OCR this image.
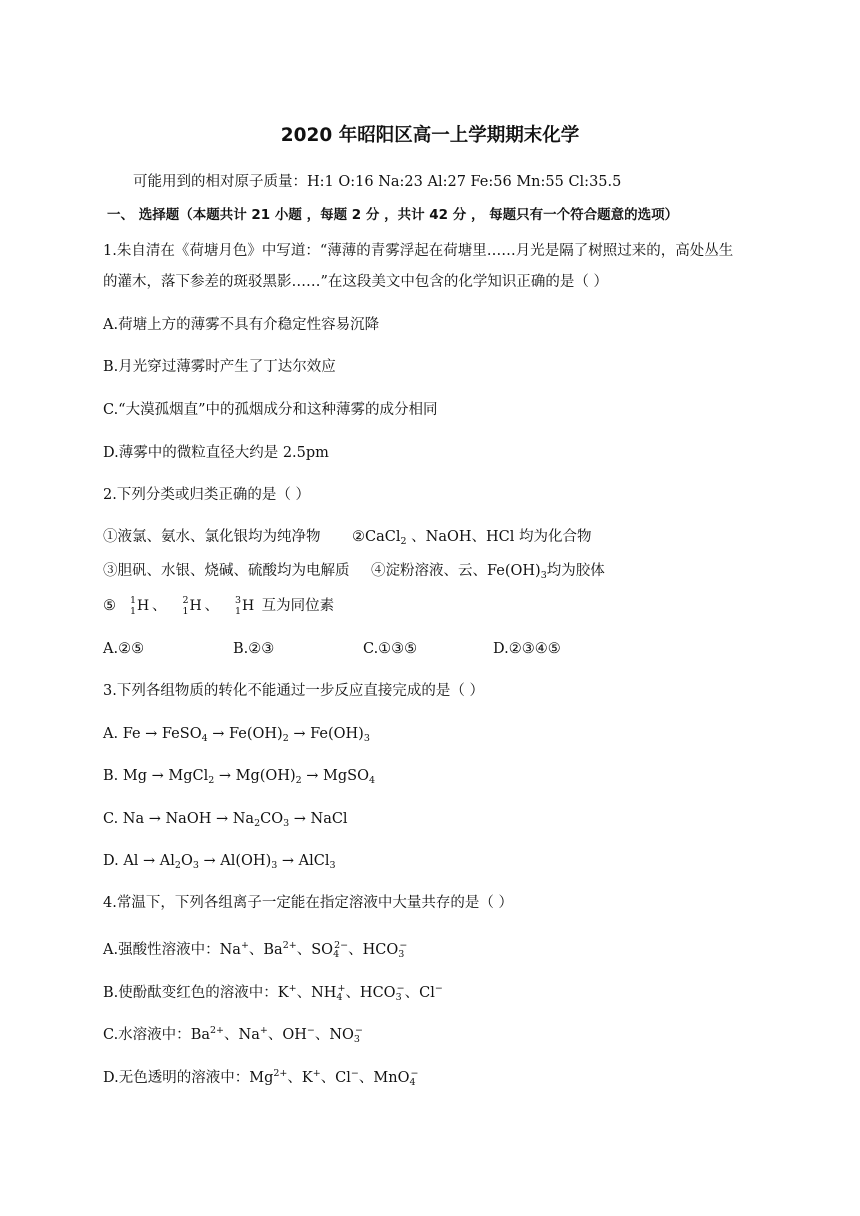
2020 年昭阳区高一上学期期末化学
可能用到的相对原子质量：H:1 O:16 Na:23 Al:27 Fe:56 Mn:55 Cl:35.5
一、 选择题（本题共计 21 小题 ，每题 2 分 ，共计 42 分 ， 每题只有一个符合题意的选项）
1.朱自清在《荷塘月色》中写道：“薄薄的青雾浮起在荷塘里……月光是隔了树照过来的，高处丛生
的灌木，落下参差的斑驳黑影……”在这段美文中包含的化学知识正确的是（ ）
A.荷塘上方的薄雾不具有介稳定性容易沉降
B.月光穿过薄雾时产生了丁达尔效应
C.“大漠孤烟直”中的孤烟成分和这种薄雾的成分相同
D.薄雾中的微粒直径大约是 2.5pm
2.下列分类或归类正确的是（ ）
①液氯、氨水、氯化银均为纯净物 ②CaCl$_2$ 、NaOH、HCl 均为化合物
③胆矾、水银、烧碱、硫酸均为电解质 ④淀粉溶液、云、$Fe(OH)_3$均为胶体
⑤ 1
1 H 、 2
1 H 、 3
1 H 互为同位素
A.②⑤	B.②③	C.①③⑤	D.②③④⑤
3.下列各组物质的转化不能通过一步反应直接完成的是（ ）
A. Fe → FeSO$_4$ → $Fe(OH)_2 \to Fe(OH)_3$
B. Mg → MgCl$_2$ → $Mg(OH)_2$ → MgSO$_4$
C. Na → NaOH → $Na_2CO_3$ → NaCl
D. $Al \to Al_2O_3 \to Al(OH)_3$ → AlCl$_3$
4.常温下，下列各组离子一定能在指定溶液中大量共存的是（ ）
A.强酸性溶液中：Na+、$Ba^{2+}$、$SO_4^{2-}$、$HCO_3^-$
B.使酚酞变红色的溶液中：K+、$NH_4^+$、$HCO_3^-$、Cl−
C.水溶液中：$Ba^{2+}$、Na+、OH−、$NO_3^-$
D.无色透明的溶液中：$Mg^{2+}$、K+、Cl−、MnO$_4$−
